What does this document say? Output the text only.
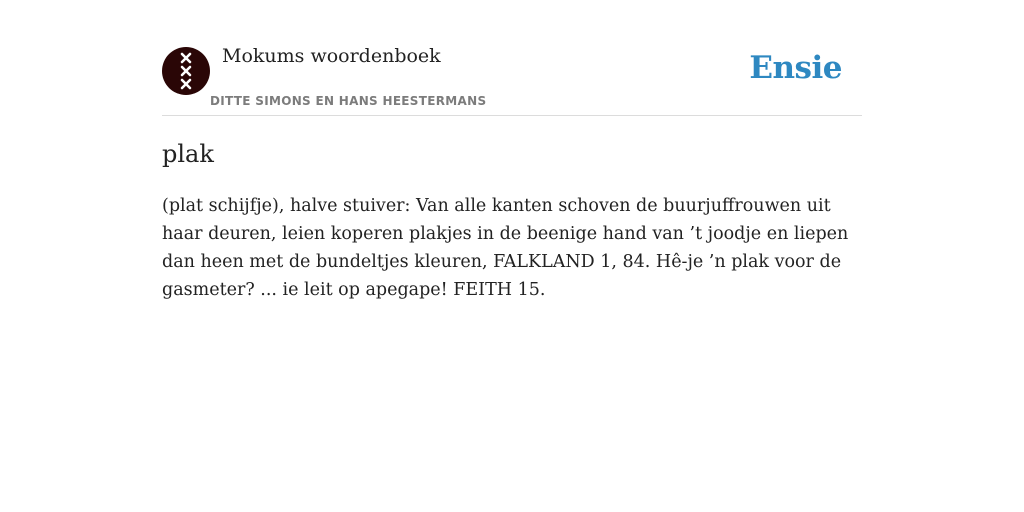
Mokums woordenboek
DITTE SIMONS EN HANS HEESTERMANS
Ensie
plak

(plat schijfje), halve stuiver: Van alle kanten schoven de buurjuffrouwen uit haar deuren, leien koperen plakjes in de beenige hand van ’t joodje en liepen dan heen met de bundeltjes kleuren, FALKLAND 1, 84. Hê-je ’n plak voor de gasmeter? ... ie leit op apegape! FEITH 15.
